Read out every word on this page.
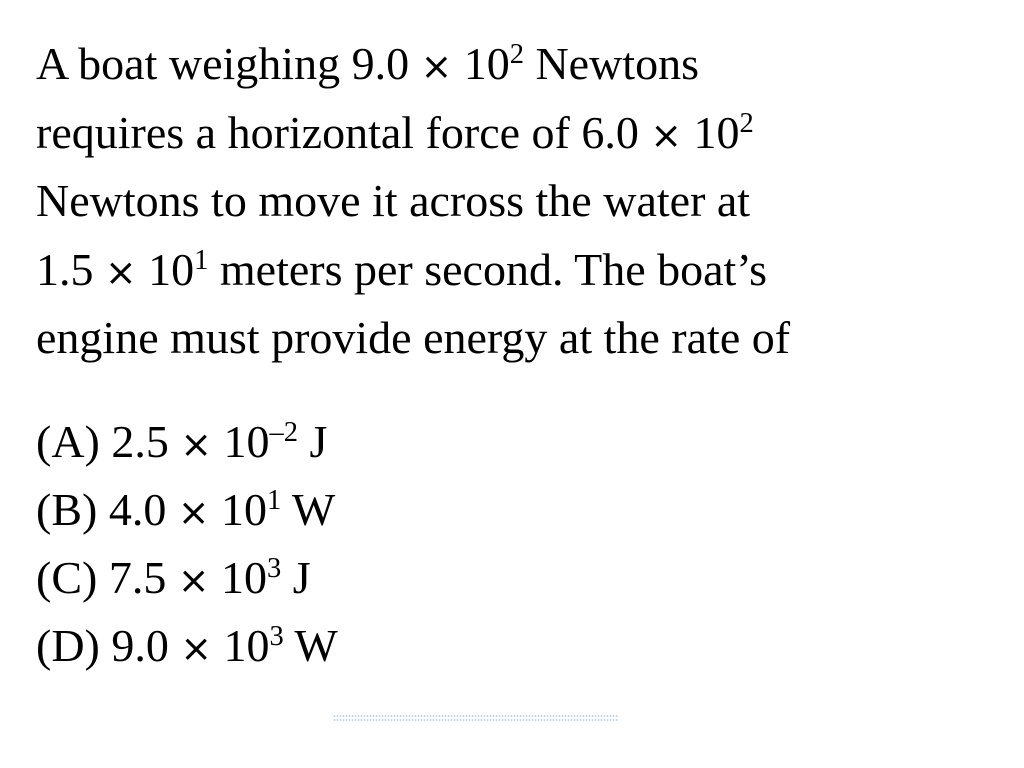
A boat weighing $9.0 \times 10^2$ Newtons
requires a horizontal force of $6.0 \times 10^2$
Newtons to move it across the water at
$1.5 \times 10^1$ meters per second. The boat’s
engine must provide energy at the rate of
(A) $2.5 \times 10^{-2}$ J
(B) $4.0 \times 10^1$ W
(C) $7.5 \times 10^3$ J
(D) $9.0 \times 10^3$ W
